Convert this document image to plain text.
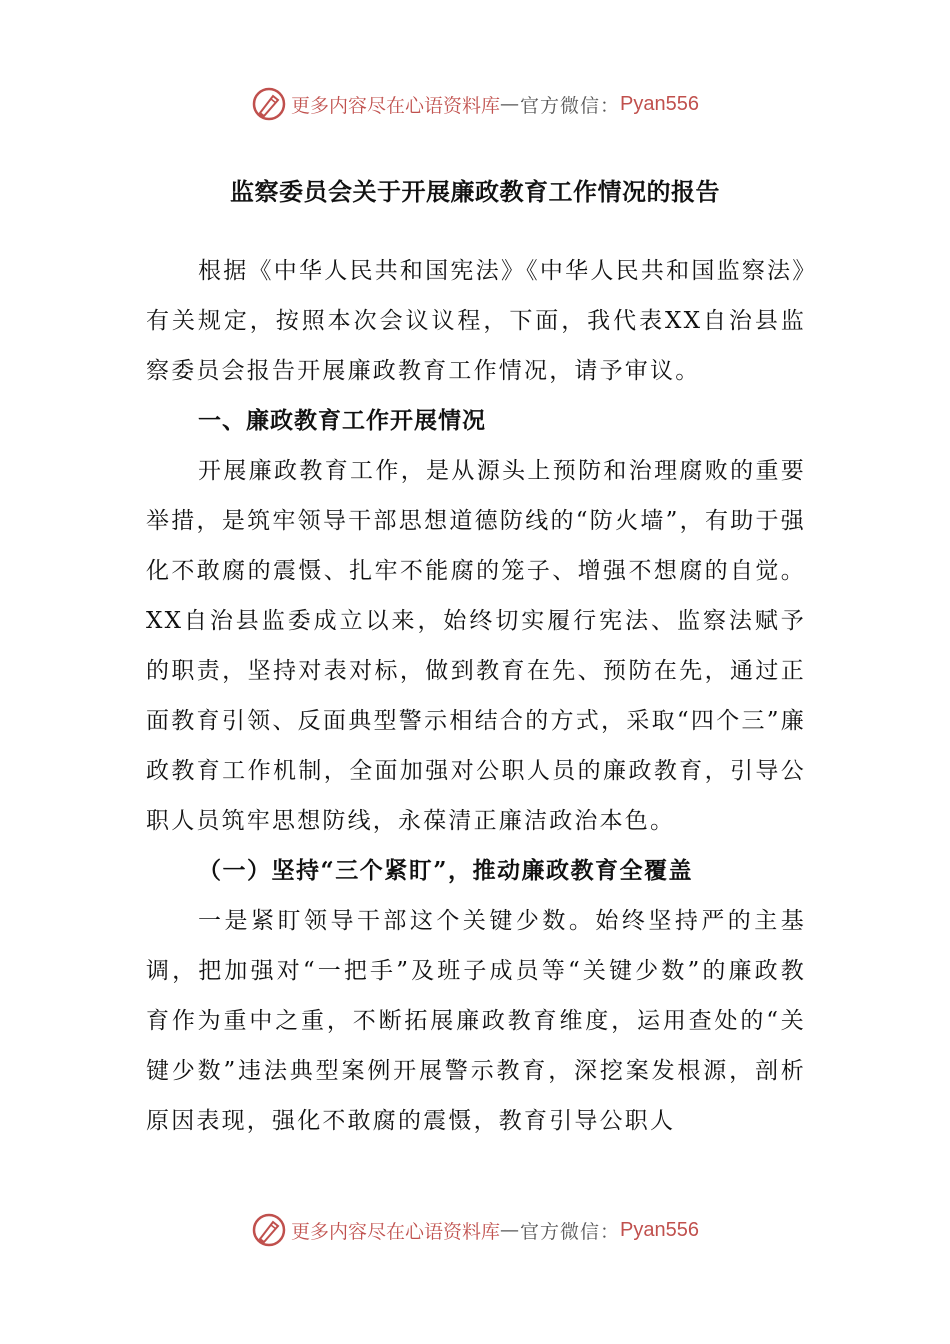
更多内容尽在心语资料库 — 官方微信： Pyan556
监察委员会关于开展廉政教育工作情况的报告

根据《中华人民共和国宪法》《中华人民共和国监察法》有关规定，按照本次会议议程，下面，我代表XX自治县监察委员会报告开展廉政教育工作情况，请予审议。

一、廉政教育工作开展情况

开展廉政教育工作，是从源头上预防和治理腐败的重要举措，是筑牢领导干部思想道德防线的“防火墙”，有助于强化不敢腐的震慑、扎牢不能腐的笼子、增强不想腐的自觉。XX自治县监委成立以来，始终切实履行宪法、监察法赋予的职责，坚持对表对标，做到教育在先、预防在先，通过正面教育引领、反面典型警示相结合的方式，采取“四个三”廉政教育工作机制，全面加强对公职人员的廉政教育，引导公职人员筑牢思想防线，永葆清正廉洁政治本色。

（一）坚持“三个紧盯”，推动廉政教育全覆盖

一是紧盯领导干部这个关键少数。始终坚持严的主基调，把加强对“一把手”及班子成员等“关键少数”的廉政教育作为重中之重，不断拓展廉政教育维度，运用查处的“关键少数”违法典型案例开展警示教育，深挖案发根源，剖析原因表现，强化不敢腐的震慑，教育引导公职人

更多内容尽在心语资料库 — 官方微信： Pyan556
